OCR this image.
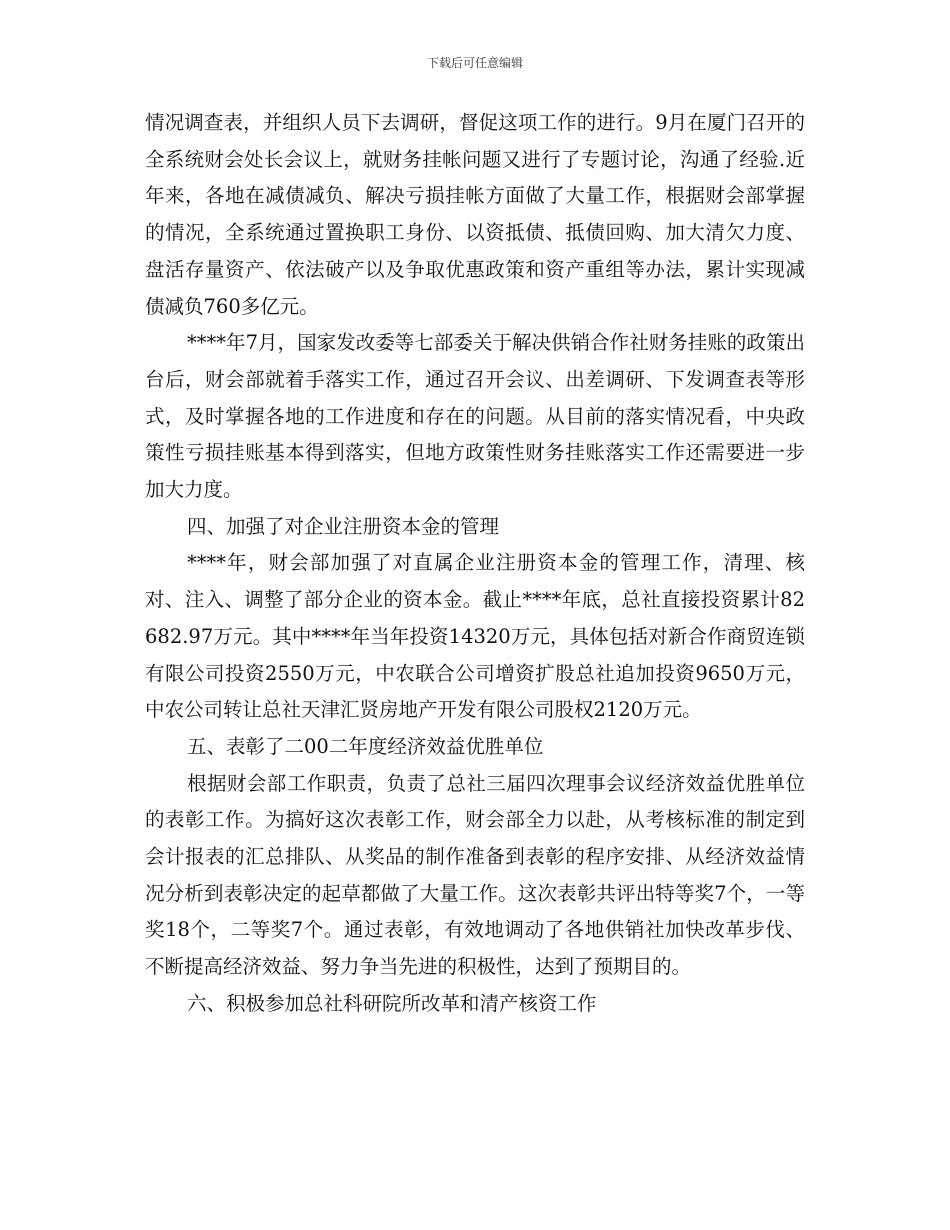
下载后可任意编辑

情况调查表，并组织人员下去调研，督促这项工作的进行。9月在厦门召开的全系统财会处长会议上，就财务挂帐问题又进行了专题讨论，沟通了经验.近年来，各地在减债减负、解决亏损挂帐方面做了大量工作，根据财会部掌握的情况，全系统通过置换职工身份、以资抵债、抵债回购、加大清欠力度、盘活存量资产、依法破产以及争取优惠政策和资产重组等办法，累计实现减债减负760多亿元。

****年7月，国家发改委等七部委关于解决供销合作社财务挂账的政策出台后，财会部就着手落实工作，通过召开会议、出差调研、下发调查表等形式，及时掌握各地的工作进度和存在的问题。从目前的落实情况看，中央政策性亏损挂账基本得到落实，但地方政策性财务挂账落实工作还需要进一步加大力度。

四、加强了对企业注册资本金的管理

****年，财会部加强了对直属企业注册资本金的管理工作，清理、核对、注入、调整了部分企业的资本金。截止****年底，总社直接投资累计82682.97万元。其中****年当年投资14320万元，具体包括对新合作商贸连锁有限公司投资2550万元，中农联合公司增资扩股总社追加投资9650万元，中农公司转让总社天津汇贤房地产开发有限公司股权2120万元。

五、表彰了二00二年度经济效益优胜单位

根据财会部工作职责，负责了总社三届四次理事会议经济效益优胜单位的表彰工作。为搞好这次表彰工作，财会部全力以赴，从考核标准的制定到会计报表的汇总排队、从奖品的制作准备到表彰的程序安排、从经济效益情况分析到表彰决定的起草都做了大量工作。这次表彰共评出特等奖7个，一等奖18个，二等奖7个。通过表彰，有效地调动了各地供销社加快改革步伐、不断提高经济效益、努力争当先进的积极性，达到了预期目的。

六、积极参加总社科研院所改革和清产核资工作
